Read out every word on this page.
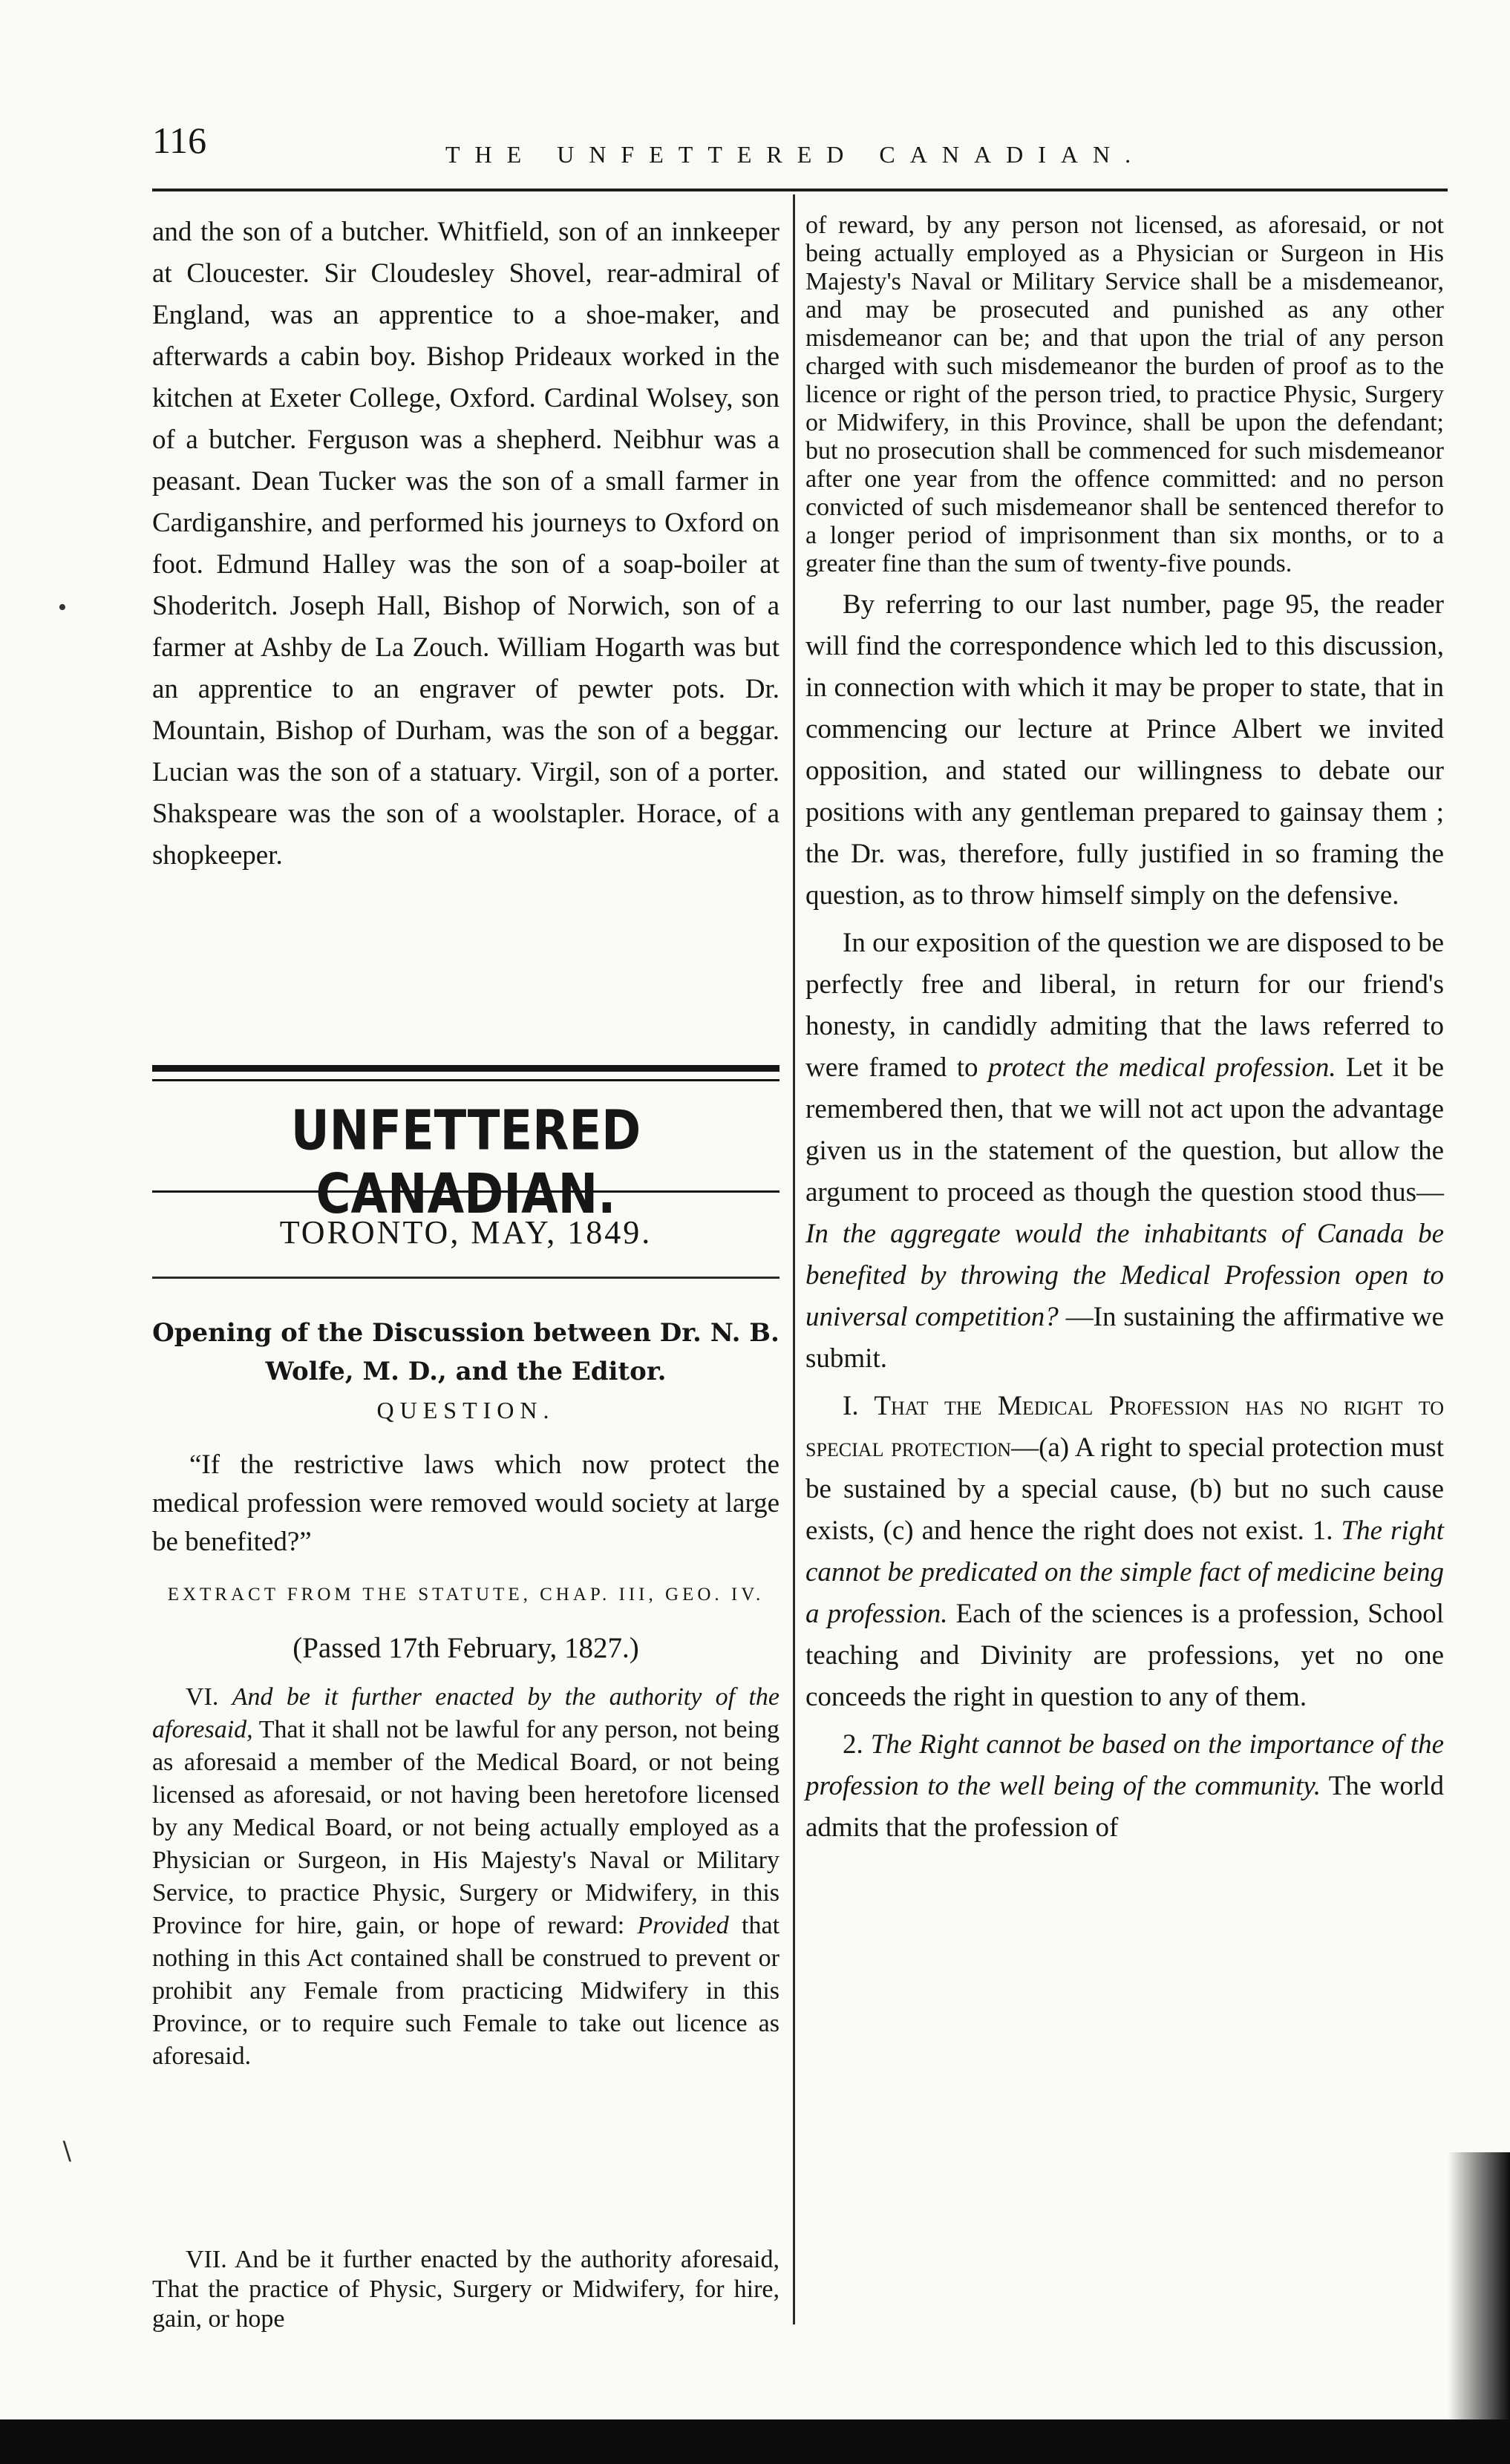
116	THE UNFETTERED CANADIAN.

and the son of a butcher. Whitfield, son of an innkeeper at Cloucester. Sir Cloudesley Shovel, rear-admiral of England, was an apprentice to a shoe-maker, and afterwards a cabin boy. Bishop Prideaux worked in the kitchen at Exeter College, Oxford. Cardinal Wolsey, son of a butcher. Ferguson was a shepherd. Neibhur was a peasant. Dean Tucker was the son of a small farmer in Cardiganshire, and performed his journeys to Oxford on foot. Edmund Halley was the son of a soap-boiler at Shoderitch. Joseph Hall, Bishop of Norwich, son of a farmer at Ashby de La Zouch. William Hogarth was but an apprentice to an engraver of pewter pots. Dr. Mountain, Bishop of Durham, was the son of a beggar. Lucian was the son of a statuary. Virgil, son of a porter. Shakspeare was the son of a woolstapler. Horace, of a shopkeeper.

UNFETTERED CANADIAN.
TORONTO, MAY, 1849.
Opening of the Discussion between Dr. N. B. Wolfe, M. D., and the Editor.
QUESTION.
“If the restrictive laws which now protect the medical profession were removed would society at large be benefited?”
EXTRACT FROM THE STATUTE, CHAP. III, GEO. IV.
(Passed 17th February, 1827.)
VI. And be it further enacted by the authority of the aforesaid, That it shall not be lawful for any person, not being as aforesaid a member of the Medical Board, or not being licensed as aforesaid, or not having been heretofore licensed by any Medical Board, or not being actually employed as a Physician or Surgeon, in His Majesty's Naval or Military Service, to practice Physic, Surgery or Midwifery, in this Province for hire, gain, or hope of reward: Provided that nothing in this Act contained shall be construed to prevent or prohibit any Female from practicing Midwifery in this Province, or to require such Female to take out licence as aforesaid.
VII. And be it further enacted by the authority aforesaid, That the practice of Physic, Surgery or Midwifery, for hire, gain, or hope

of reward, by any person not licensed, as aforesaid, or not being actually employed as a Physician or Surgeon in His Majesty's Naval or Military Service shall be a misdemeanor, and may be prosecuted and punished as any other misdemeanor can be; and that upon the trial of any person charged with such misdemeanor the burden of proof as to the licence or right of the person tried, to practice Physic, Surgery or Midwifery, in this Province, shall be upon the defendant; but no prosecution shall be commenced for such misdemeanor after one year from the offence committed: and no person convicted of such misdemeanor shall be sentenced therefor to a longer period of imprisonment than six months, or to a greater fine than the sum of twenty-five pounds.

By referring to our last number, page 95, the reader will find the correspondence which led to this discussion, in connection with which it may be proper to state, that in commencing our lecture at Prince Albert we invited opposition, and stated our willingness to debate our positions with any gentleman prepared to gainsay them ; the Dr. was, therefore, fully justified in so framing the question, as to throw himself simply on the defensive.

In our exposition of the question we are disposed to be perfectly free and liberal, in return for our friend's honesty, in candidly admiting that the laws referred to were framed to protect the medical profession. Let it be remembered then, that we will not act upon the advantage given us in the statement of the question, but allow the argument to proceed as though the question stood thus— In the aggregate would the inhabitants of Canada be benefited by throwing the Medical Profession open to universal competition? —In sustaining the affirmative we submit.

I. That the Medical Profession has no right to special protection—(a) A right to special protection must be sustained by a special cause, (b) but no such cause exists, (c) and hence the right does not exist. 1. The right cannot be predicated on the simple fact of medicine being a profession. Each of the sciences is a profession, School teaching and Divinity are professions, yet no one conceeds the right in question to any of them.

2. The Right cannot be based on the importance of the profession to the well being of the community. The world admits that the profession of

•
∖
